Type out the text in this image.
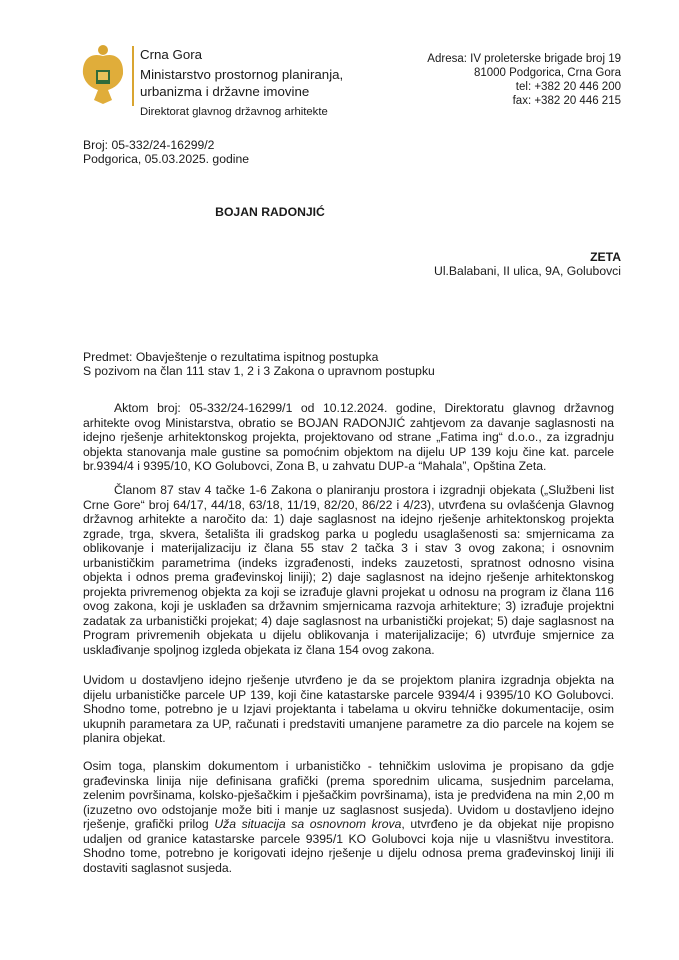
Crna Gora
Ministarstvo prostornog planiranja,
urbanizma i državne imovine
Direktorat glavnog državnog arhitekte
Adresa: IV proleterske brigade broj 19
81000 Podgorica, Crna Gora
tel: +382 20 446 200
fax: +382 20 446 215
Broj: 05-332/24-16299/2
Podgorica, 05.03.2025. godine
BOJAN RADONJIĆ
ZETA
Ul.Balabani, II ulica, 9A, Golubovci
Predmet: Obavještenje o rezultatima ispitnog postupka
S pozivom na član 111 stav 1, 2 i 3 Zakona o upravnom postupku
Aktom broj: 05-332/24-16299/1 od 10.12.2024. godine, Direktoratu glavnog državnog arhitekte ovog Ministarstva, obratio se BOJAN RADONJIĆ zahtjevom za davanje saglasnosti na idejno rješenje arhitektonskog projekta, projektovano od strane „Fatima ing“ d.o.o., za izgradnju objekta stanovanja male gustine sa pomoćnim objektom na dijelu UP 139 koju čine kat. parcele br.9394/4 i 9395/10, KO Golubovci, Zona B, u zahvatu DUP-a “Mahala”, Opština Zeta.
Članom 87 stav 4 tačke 1-6 Zakona o planiranju prostora i izgradnji objekata („Službeni list Crne Gore“ broj 64/17, 44/18, 63/18, 11/19, 82/20, 86/22 i 4/23), utvrđena su ovlašćenja Glavnog državnog arhitekte a naročito da: 1) daje saglasnost na idejno rješenje arhitektonskog projekta zgrade, trga, skvera, šetališta ili gradskog parka u pogledu usaglašenosti sa: smjernicama za oblikovanje i materijalizaciju iz člana 55 stav 2 tačka 3 i stav 3 ovog zakona; i osnovnim urbanističkim parametrima (indeks izgrađenosti, indeks zauzetosti, spratnost odnosno visina objekta i odnos prema građevinskoj liniji); 2) daje saglasnost na idejno rješenje arhitektonskog projekta privremenog objekta za koji se izrađuje glavni projekat u odnosu na program iz člana 116 ovog zakona, koji je usklađen sa državnim smjernicama razvoja arhitekture; 3) izrađuje projektni zadatak za urbanistički projekat; 4) daje saglasnost na urbanistički projekat; 5) daje saglasnost na Program privremenih objekata u dijelu oblikovanja i materijalizacije; 6) utvrđuje smjernice za usklađivanje spoljnog izgleda objekata iz člana 154 ovog zakona.
Uvidom u dostavljeno idejno rješenje utvrđeno je da se projektom planira izgradnja objekta na dijelu urbanističke parcele UP 139, koji čine katastarske parcele 9394/4 i 9395/10 KO Golubovci. Shodno tome, potrebno je u Izjavi projektanta i tabelama u okviru tehničke dokumentacije, osim ukupnih parametara za UP, računati i predstaviti umanjene parametre za dio parcele na kojem se planira objekat.
Osim toga, planskim dokumentom i urbanističko - tehničkim uslovima je propisano da gdje građevinska linija nije definisana grafički (prema sporednim ulicama, susjednim parcelama, zelenim površinama, kolsko-pješačkim i pješačkim površinama), ista je predviđena na min 2,00 m (izuzetno ovo odstojanje može biti i manje uz saglasnost susjeda). Uvidom u dostavljeno idejno rješenje, grafički prilog Uža situacija sa osnovnom krova, utvrđeno je da objekat nije propisno udaljen od granice katastarske parcele 9395/1 KO Golubovci koja nije u vlasništvu investitora. Shodno tome, potrebno je korigovati idejno rješenje u dijelu odnosa prema građevinskoj liniji ili dostaviti saglasnot susjeda.
